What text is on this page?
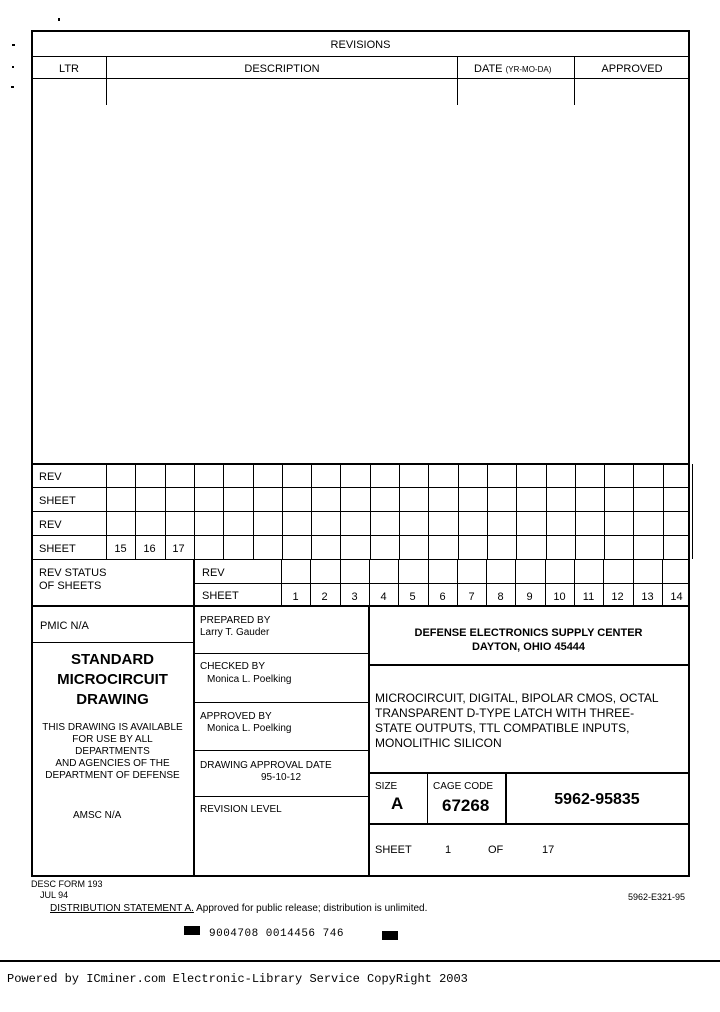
REVISIONS
LTR	DESCRIPTION	DATE (YR-MO-DA)	APPROVED
REV
SHEET
REV
SHEET	15	16	17
REV STATUS
OF SHEETS
REV
SHEET	1	2	3	4	5	6	7	8	9	10	11	12	13	14
PMIC N/A
STANDARD
MICROCIRCUIT
DRAWING
THIS DRAWING IS AVAILABLE
FOR USE BY ALL
DEPARTMENTS
AND AGENCIES OF THE
DEPARTMENT OF DEFENSE
AMSC N/A
PREPARED BY
Larry T. Gauder
CHECKED BY
Monica L. Poelking
APPROVED BY
Monica L. Poelking
DRAWING APPROVAL DATE
95-10-12
REVISION LEVEL
DEFENSE ELECTRONICS SUPPLY CENTER
DAYTON, OHIO 45444
MICROCIRCUIT, DIGITAL, BIPOLAR CMOS, OCTAL
TRANSPARENT D-TYPE LATCH WITH THREE-
STATE OUTPUTS, TTL COMPATIBLE INPUTS,
MONOLITHIC SILICON
SIZE
A
CAGE CODE
67268	5962-95835
SHEET	1	OF	17
DESC FORM 193
JUL 94	5962-E321-95
DISTRIBUTION STATEMENT A. Approved for public release; distribution is unlimited.
9004708 0014456 746
Powered by ICminer.com Electronic-Library Service CopyRight 2003
